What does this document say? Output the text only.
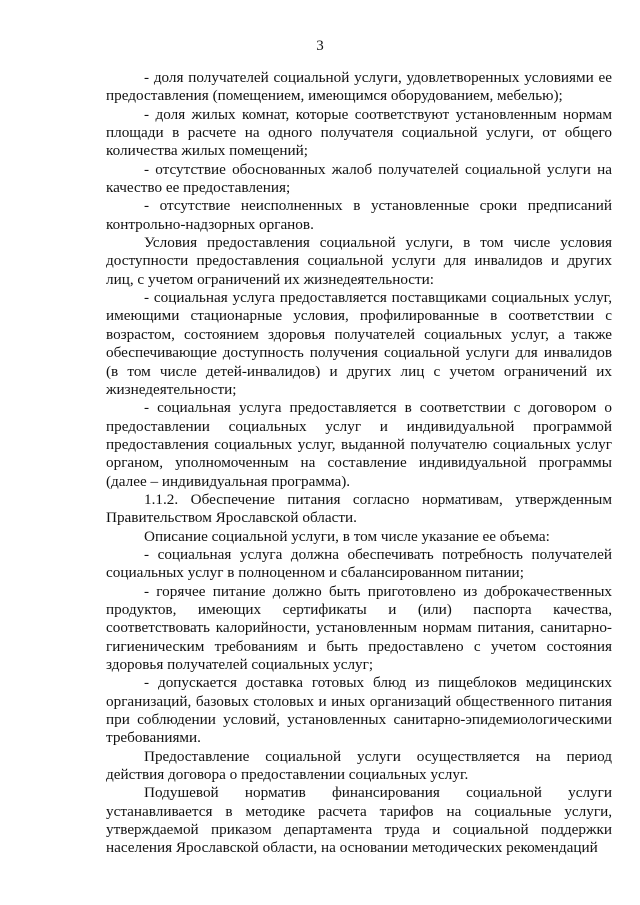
3

- доля получателей социальной услуги, удовлетворенных условиями ее предоставления (помещением, имеющимся оборудованием, мебелью);

- доля жилых комнат, которые соответствуют установленным нормам площади в расчете на одного получателя социальной услуги, от общего количества жилых помещений;

- отсутствие обоснованных жалоб получателей социальной услуги на качество ее предоставления;

- отсутствие неисполненных в установленные сроки предписаний контрольно-надзорных органов.

Условия предоставления социальной услуги, в том числе условия доступности предоставления социальной услуги для инвалидов и других лиц, с учетом ограничений их жизнедеятельности:

- социальная услуга предоставляется поставщиками социальных услуг, имеющими стационарные условия, профилированные в соответствии с возрастом, состоянием здоровья получателей социальных услуг, а также обеспечивающие доступность получения социальной услуги для инвалидов (в том числе детей-инвалидов) и других лиц с учетом ограничений их жизнедеятельности;

- социальная услуга предоставляется в соответствии с договором о предоставлении социальных услуг и индивидуальной программой предоставления социальных услуг, выданной получателю социальных услуг органом, уполномоченным на составление индивидуальной программы (далее – индивидуальная программа).

1.1.2. Обеспечение питания согласно нормативам, утвержденным Правительством Ярославской области.

Описание социальной услуги, в том числе указание ее объема:

- социальная услуга должна обеспечивать потребность получателей социальных услуг в полноценном и сбалансированном питании;

- горячее питание должно быть приготовлено из доброкачественных продуктов, имеющих сертификаты и (или) паспорта качества, соответствовать калорийности, установленным нормам питания, санитарно-гигиеническим требованиям и быть предоставлено с учетом состояния здоровья получателей социальных услуг;

- допускается доставка готовых блюд из пищеблоков медицинских организаций, базовых столовых и иных организаций общественного питания при соблюдении условий, установленных санитарно-эпидемиологическими требованиями.

Предоставление социальной услуги осуществляется на период действия договора о предоставлении социальных услуг.

Подушевой норматив финансирования социальной услуги устанавливается в методике расчета тарифов на социальные услуги, утверждаемой приказом департамента труда и социальной поддержки населения Ярославской области, на основании методических рекомендаций
